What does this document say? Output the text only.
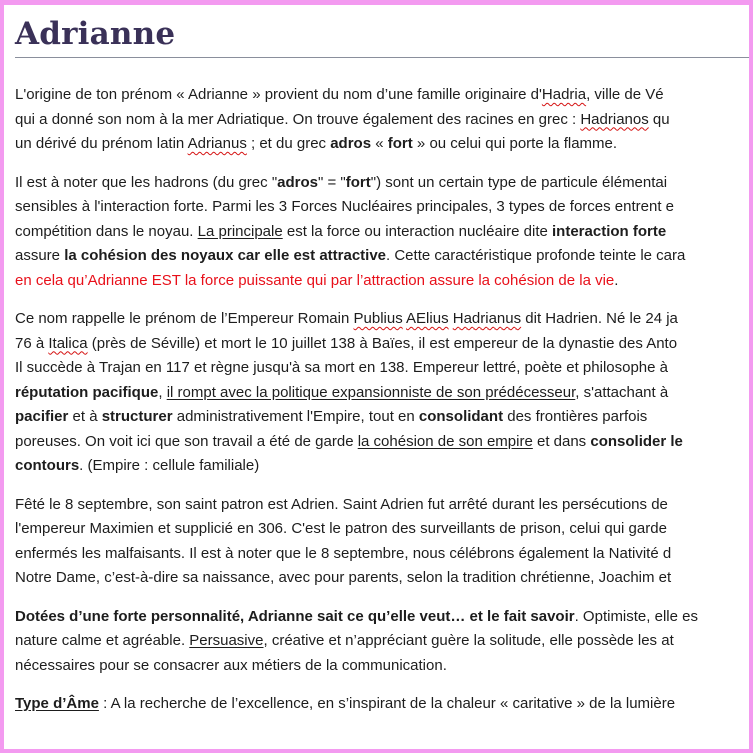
Adrianne

L'origine de ton prénom « Adrianne » provient du nom d’une famille originaire d'Hadria, ville de Vé
qui a donné son nom à la mer Adriatique. On trouve également des racines en grec : Hadrianos qu
un dérivé du prénom latin Adrianus ; et du grec adros « fort » ou celui qui porte la flamme.

Il est à noter que les hadrons (du grec "adros" = "fort") sont un certain type de particule élémentai
sensibles à l'interaction forte. Parmi les 3 Forces Nucléaires principales, 3 types de forces entrent e
compétition dans le noyau. La principale est la force ou interaction nucléaire dite interaction forte
assure la cohésion des noyaux car elle est attractive. Cette caractéristique profonde teinte le cara
en cela qu’Adrianne EST la force puissante qui par l’attraction assure la cohésion de la vie.

Ce nom rappelle le prénom de l’Empereur Romain Publius AElius Hadrianus dit Hadrien. Né le 24 ja
76 à Italica (près de Séville) et mort le 10 juillet 138 à Baïes, il est empereur de la dynastie des Anto
Il succède à Trajan en 117 et règne jusqu'à sa mort en 138. Empereur lettré, poète et philosophe à
réputation pacifique, il rompt avec la politique expansionniste de son prédécesseur, s'attachant à
pacifier et à structurer administrativement l'Empire, tout en consolidant des frontières parfois
poreuses. On voit ici que son travail a été de garde la cohésion de son empire et dans consolider le
contours. (Empire : cellule familiale)

Fêté le 8 septembre, son saint patron est Adrien. Saint Adrien fut arrêté durant les persécutions de
l'empereur Maximien et supplicié en 306. C'est le patron des surveillants de prison, celui qui garde
enfermés les malfaisants. Il est à noter que le 8 septembre, nous célébrons également la Nativité d
Notre Dame, c’est-à-dire sa naissance, avec pour parents, selon la tradition chrétienne, Joachim et

Dotées d’une forte personnalité, Adrianne sait ce qu’elle veut… et le fait savoir. Optimiste, elle es
nature calme et agréable. Persuasive, créative et n’appréciant guère la solitude, elle possède les at
nécessaires pour se consacrer aux métiers de la communication.

Type d’Âme : A la recherche de l’excellence, en s’inspirant de la chaleur « caritative » de la lumière
